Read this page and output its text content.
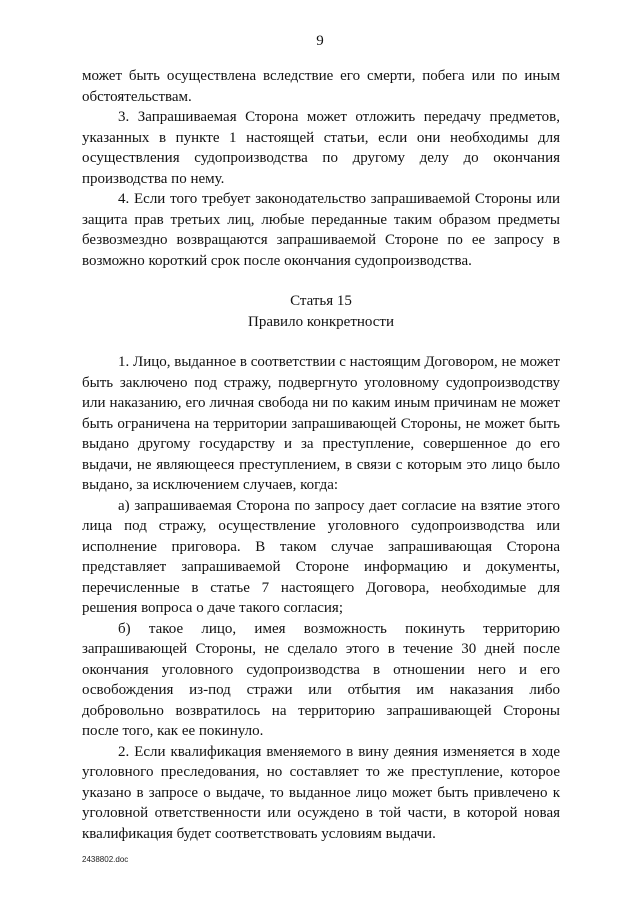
9

может быть осуществлена вследствие его смерти, побега или по иным обстоятельствам.

3. Запрашиваемая Сторона может отложить передачу предметов, указанных в пункте 1 настоящей статьи, если они необходимы для осуществления судопроизводства по другому делу до окончания производства по нему.

4. Если того требует законодательство запрашиваемой Стороны или защита прав третьих лиц, любые переданные таким образом предметы безвозмездно возвращаются запрашиваемой Стороне по ее запросу в возможно короткий срок после окончания судопроизводства.

Статья 15

Правило конкретности

1. Лицо, выданное в соответствии с настоящим Договором, не может быть заключено под стражу, подвергнуто уголовному судопроизводству или наказанию, его личная свобода ни по каким иным причинам не может быть ограничена на территории запрашивающей Стороны, не может быть выдано другому государству и за преступление, совершенное до его выдачи, не являющееся преступлением, в связи с которым это лицо было выдано, за исключением случаев, когда:

а) запрашиваемая Сторона по запросу дает согласие на взятие этого лица под стражу, осуществление уголовного судопроизводства или исполнение приговора. В таком случае запрашивающая Сторона представляет запрашиваемой Стороне информацию и документы, перечисленные в статье 7 настоящего Договора, необходимые для решения вопроса о даче такого согласия;

б) такое лицо, имея возможность покинуть территорию запрашивающей Стороны, не сделало этого в течение 30 дней после окончания уголовного судопроизводства в отношении него и его освобождения из-под стражи или отбытия им наказания либо добровольно возвратилось на территорию запрашивающей Стороны после того, как ее покинуло.

2. Если квалификация вменяемого в вину деяния изменяется в ходе уголовного преследования, но составляет то же преступление, которое указано в запросе о выдаче, то выданное лицо может быть привлечено к уголовной ответственности или осуждено в той части, в которой новая квалификация будет соответствовать условиям выдачи.

2438802.doc
